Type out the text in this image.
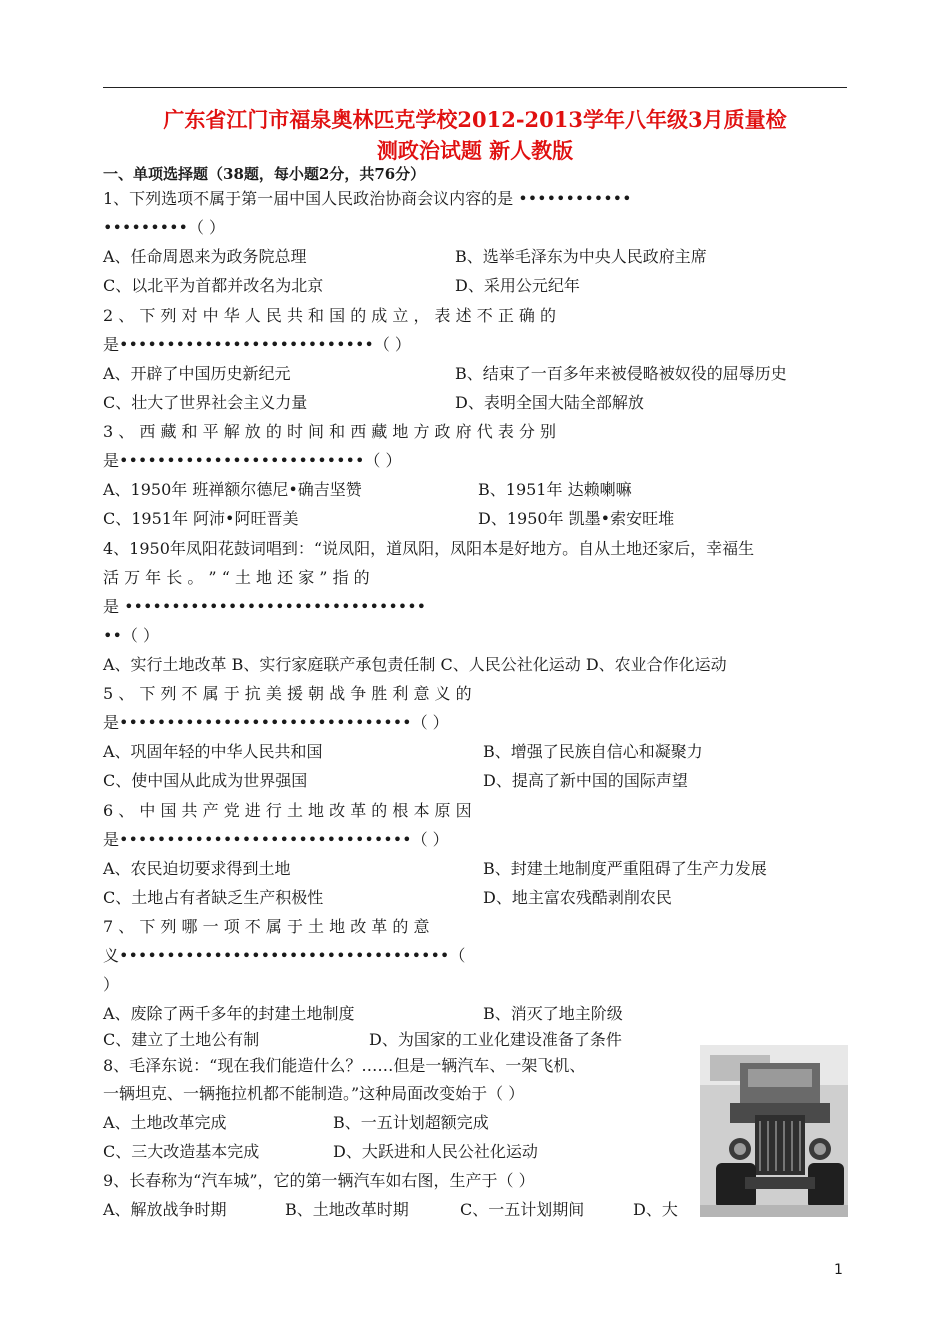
广东省江门市福泉奥林匹克学校2012-2013学年八年级3月质量检
测政治试题 新人教版
一、单项选择题（38题，每小题2分，共76分）
1、下列选项不属于第一届中国人民政治协商会议内容的是 ••••••••••••
•••••••••（ ）
A、任命周恩来为政务院总理	B、选举毛泽东为中央人民政府主席
C、以北平为首都并改名为北京	D、采用公元纪年
2 、 下 列 对 中 华 人 民 共 和 国 的 成 立 ， 表 述 不 正 确 的
是•••••••••••••••••••••••••••（ ）
A、开辟了中国历史新纪元	B、结束了一百多年来被侵略被奴役的屈辱历史
C、壮大了世界社会主义力量	D、表明全国大陆全部解放
3 、 西 藏 和 平 解 放 的 时 间 和 西 藏 地 方 政 府 代 表 分 别
是••••••••••••••••••••••••••（ ）
A、1950年 班禅额尔德尼•确吉坚赞	B、1951年 达赖喇嘛
C、1951年 阿沛•阿旺晋美	D、1950年 凯墨•索安旺堆
4、1950年凤阳花鼓词唱到：“说凤阳，道凤阳，凤阳本是好地方。自从土地还家后，幸福生
活 万 年 长 。 ” “ 土 地 还 家 ” 指 的
是 ••••••••••••••••••••••••••••••••
••（ ）
A、实行土地改革 B、实行家庭联产承包责任制 C、人民公社化运动 D、农业合作化运动
5 、 下 列 不 属 于 抗 美 援 朝 战 争 胜 利 意 义 的
是•••••••••••••••••••••••••••••••（ ）
A、巩固年轻的中华人民共和国	B、增强了民族自信心和凝聚力
C、使中国从此成为世界强国	D、提高了新中国的国际声望
6 、 中 国 共 产 党 进 行 土 地 改 革 的 根 本 原 因
是•••••••••••••••••••••••••••••••（ ）
A、农民迫切要求得到土地	B、封建土地制度严重阻碍了生产力发展
C、土地占有者缺乏生产积极性	D、地主富农残酷剥削农民
7 、 下 列 哪 一 项 不 属 于 土 地 改 革 的 意
义•••••••••••••••••••••••••••••••••••（
）
A、废除了两千多年的封建土地制度	B、消灭了地主阶级
C、建立了土地公有制	D、为国家的工业化建设准备了条件
8、毛泽东说：“现在我们能造什么？……但是一辆汽车、一架飞机、
一辆坦克、一辆拖拉机都不能制造。”这种局面改变始于（ ）
A、土地改革完成	B、一五计划超额完成
C、三大改造基本完成	D、大跃进和人民公社化运动
9、长春称为“汽车城”，它的第一辆汽车如右图，生产于（ ）
A、解放战争时期	B、土地改革时期	C、一五计划期间	D、大
1
